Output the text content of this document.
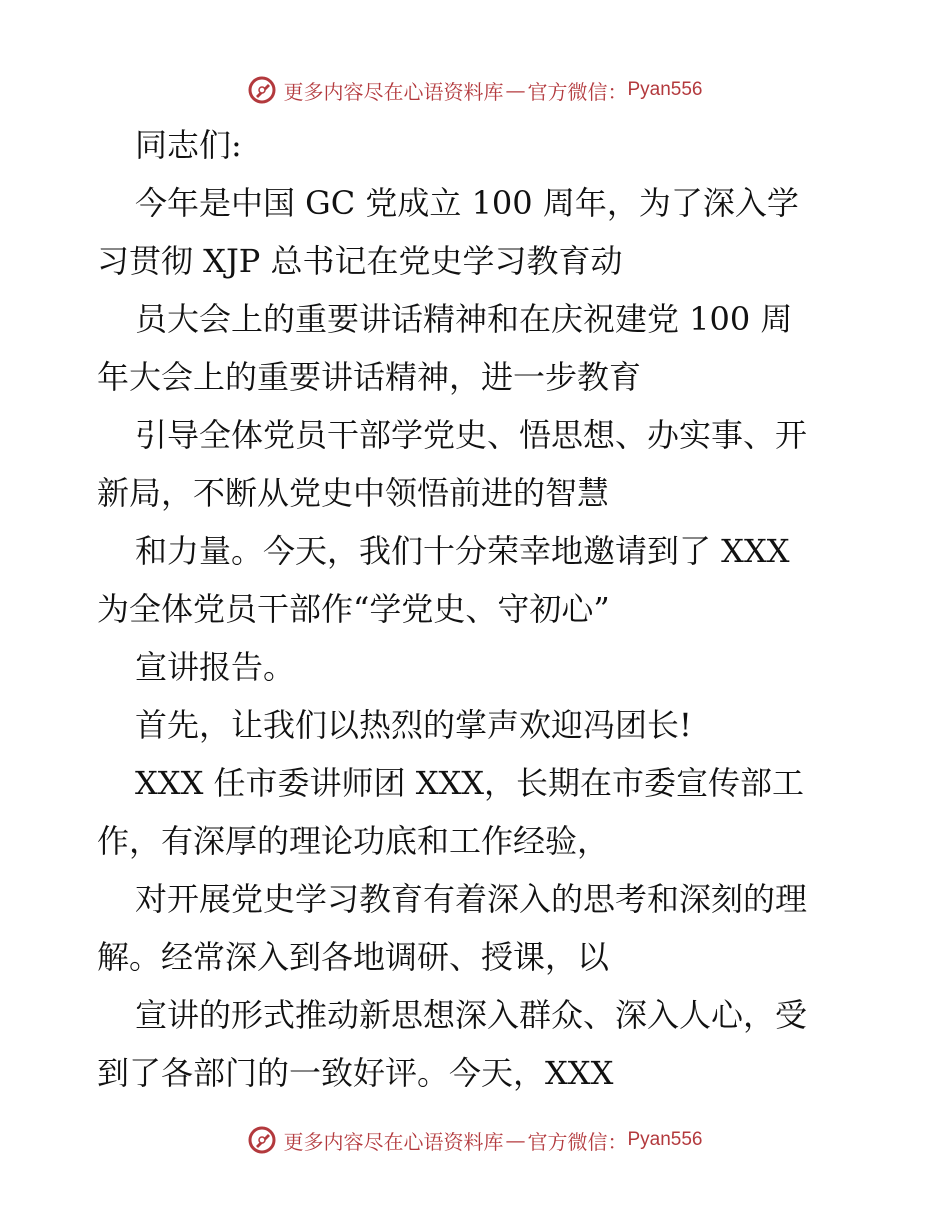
更多内容尽在心语资料库 — 官方微信： Pyan556
同志们:
今年是中国 GC 党成立 100 周年，为了深入学
习贯彻 XJP 总书记在党史学习教育动
员大会上的重要讲话精神和在庆祝建党 100 周
年大会上的重要讲话精神，进一步教育
引导全体党员干部学党史、悟思想、办实事、开
新局，不断从党史中领悟前进的智慧
和力量。今天，我们十分荣幸地邀请到了 XXX
为全体党员干部作“学党史、守初心”
宣讲报告。
首先，让我们以热烈的掌声欢迎冯团长!
XXX 任市委讲师团 XXX，长期在市委宣传部工
作，有深厚的理论功底和工作经验，
对开展党史学习教育有着深入的思考和深刻的理
解。经常深入到各地调研、授课，以
宣讲的形式推动新思想深入群众、深入人心，受
到了各部门的一致好评。今天，XXX
更多内容尽在心语资料库 — 官方微信： Pyan556
